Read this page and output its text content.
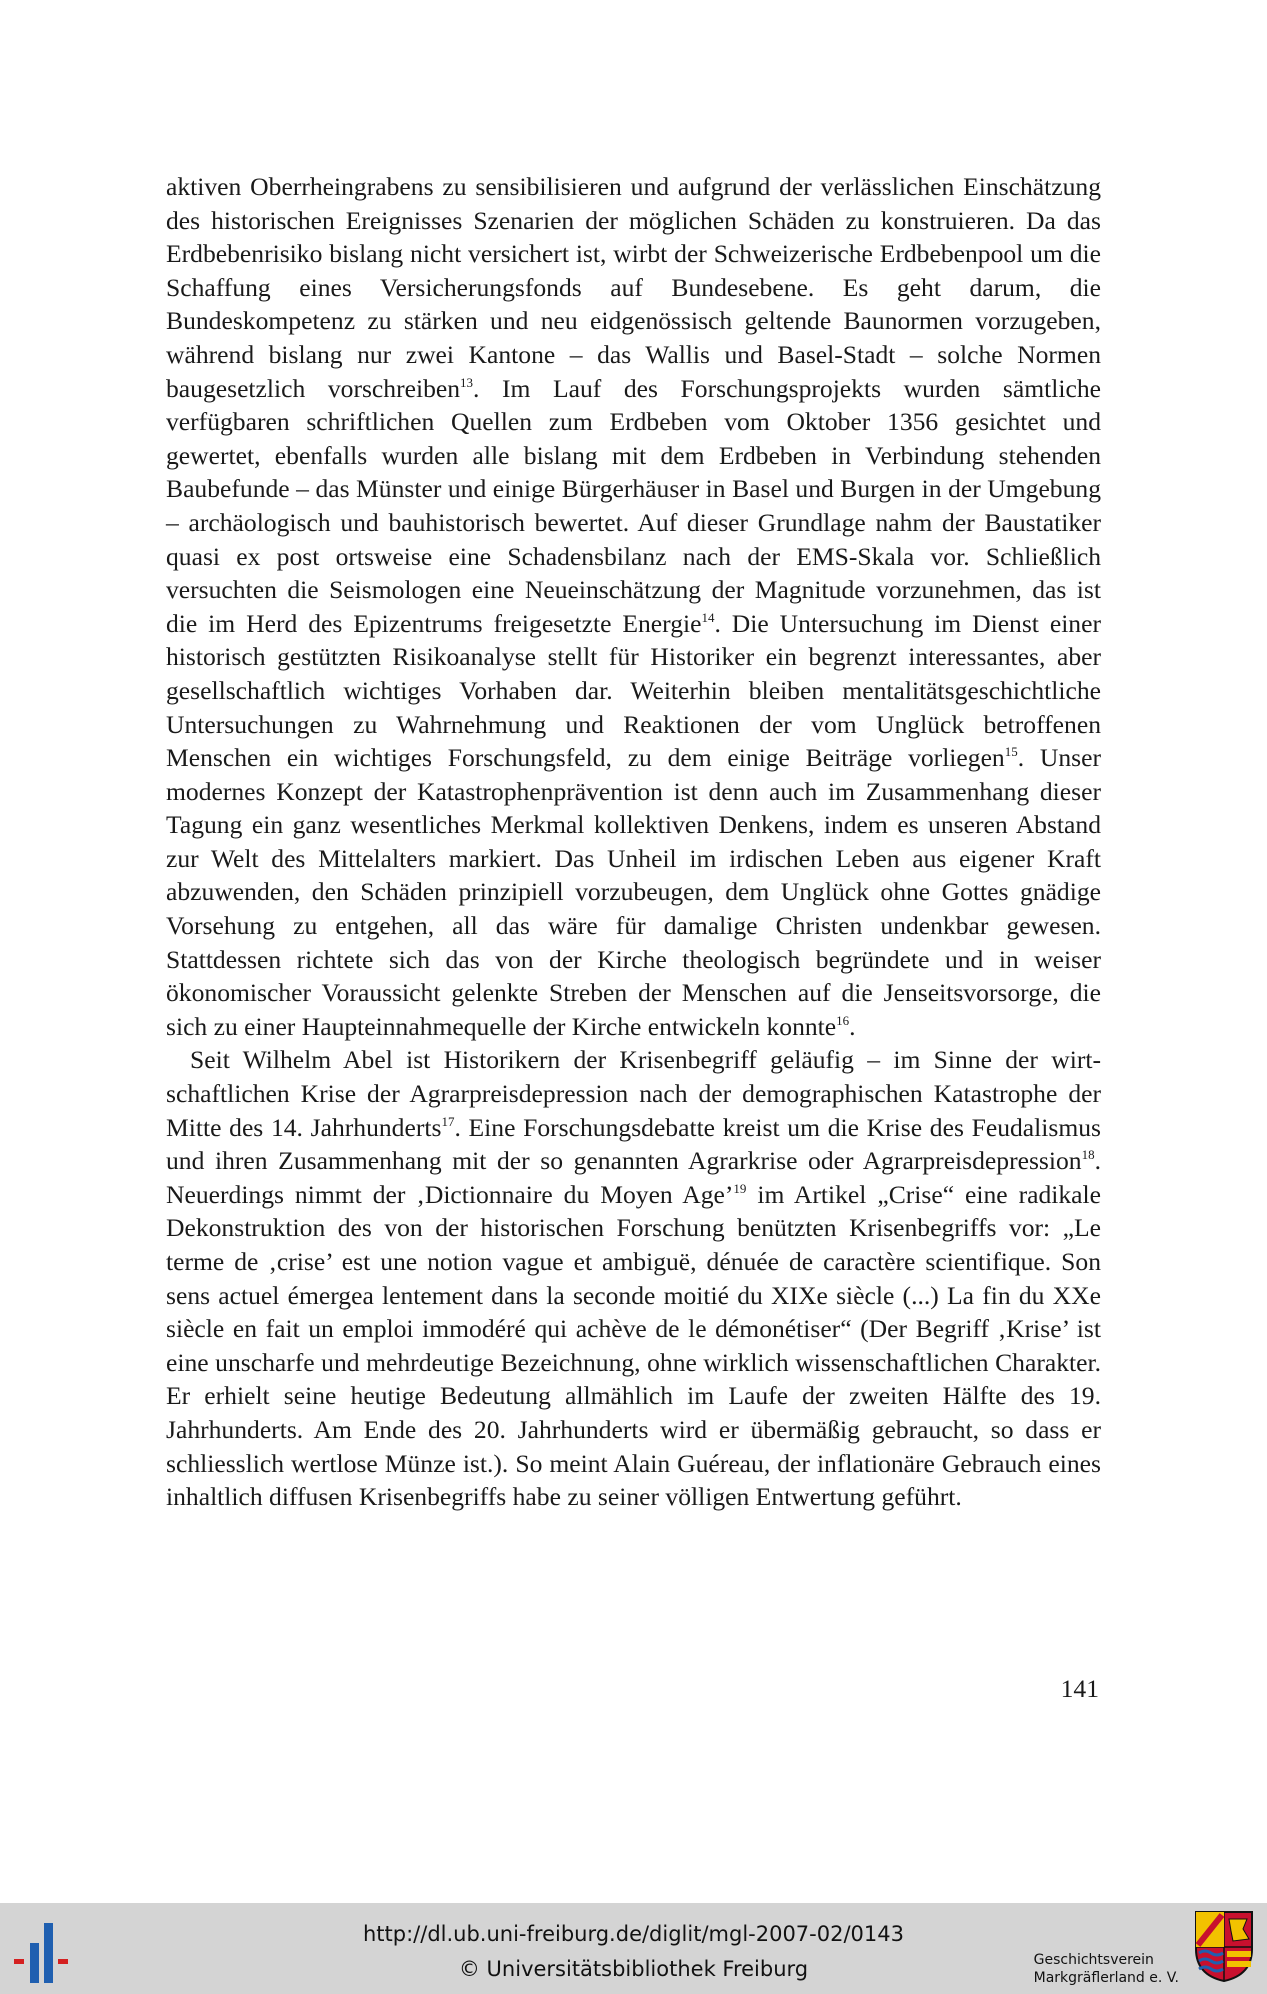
aktiven Oberrheingrabens zu sensibilisieren und aufgrund der verlässlichen Einschätzung des historischen Ereignisses Szenarien der möglichen Schäden zu konstruieren. Da das Erdbebenrisiko bislang nicht versichert ist, wirbt der Schweizerische Erdbebenpool um die Schaffung eines Versicherungsfonds auf Bundesebene. Es geht darum, die Bundeskompetenz zu stärken und neu eidgenössisch geltende Baunormen vorzugeben, während bislang nur zwei Kantone – das Wallis und Basel-Stadt – solche Normen baugesetzlich vorschreiben$^{13}$. Im Lauf des Forschungsprojekts wurden sämtliche verfügbaren schriftlichen Quellen zum Erdbeben vom Oktober 1356 gesichtet und gewertet, ebenfalls wurden alle bislang mit dem Erdbeben in Verbindung stehenden Baubefunde – das Münster und einige Bürgerhäuser in Basel und Burgen in der Umgebung – archäologisch und bauhistorisch bewertet. Auf dieser Grundlage nahm der Baustatiker quasi ex post ortsweise eine Schadensbilanz nach der EMS-Skala vor. Schließlich versuchten die Seismologen eine Neueinschätzung der Magnitude vorzunehmen, das ist die im Herd des Epizentrums freigesetzte Energie$^{14}$. Die Untersuchung im Dienst einer historisch gestützten Risikoanalyse stellt für Historiker ein begrenzt interessantes, aber gesellschaftlich wichtiges Vorhaben dar. Weiterhin bleiben mentalitätsgeschichtliche Untersuchungen zu Wahrnehmung und Reaktionen der vom Unglück betroffenen Menschen ein wichtiges Forschungsfeld, zu dem einige Beiträge vorliegen$^{15}$. Unser modernes Konzept der Katastrophenprävention ist denn auch im Zusammenhang dieser Tagung ein ganz wesentliches Merkmal kollektiven Denkens, indem es unseren Abstand zur Welt des Mittelalters markiert. Das Unheil im irdischen Leben aus eigener Kraft abzuwenden, den Schäden prinzipiell vorzubeugen, dem Unglück ohne Gottes gnädige Vorsehung zu entgehen, all das wäre für damalige Christen undenkbar gewesen. Stattdessen richtete sich das von der Kirche theologisch begründete und in weiser ökonomischer Voraussicht gelenkte Streben der Menschen auf die Jenseitsvorsorge, die sich zu einer Haupteinnahmequelle der Kirche entwickeln konnte$^{16}$.

Seit Wilhelm Abel ist Historikern der Krisenbegriff geläufig – im Sinne der wirtschaftlichen Krise der Agrarpreisdepression nach der demographischen Katastrophe der Mitte des 14. Jahrhunderts$^{17}$. Eine Forschungsdebatte kreist um die Krise des Feudalismus und ihren Zusammenhang mit der so genannten Agrarkrise oder Agrarpreisdepression$^{18}$. Neuerdings nimmt der ‚Dictionnaire du Moyen Age’$^{19}$ im Artikel „Crise“ eine radikale Dekonstruktion des von der historischen Forschung benützten Krisenbegriffs vor: „Le terme de ‚crise’ est une notion vague et ambiguë, dénuée de caractère scientifique. Son sens actuel émergea lentement dans la seconde moitié du XIXe siècle (...) La fin du XXe siècle en fait un emploi immodéré qui achève de le démonétiser“ (Der Begriff ‚Krise’ ist eine unscharfe und mehrdeutige Bezeichnung, ohne wirklich wissenschaftlichen Charakter. Er erhielt seine heutige Bedeutung allmählich im Laufe der zweiten Hälfte des 19. Jahrhunderts. Am Ende des 20. Jahrhunderts wird er übermäßig gebraucht, so dass er schliesslich wertlose Münze ist.). So meint Alain Guéreau, der inflationäre Gebrauch eines inhaltlich diffusen Krisenbegriffs habe zu seiner völligen Entwertung geführt.

141
http://dl.ub.uni-freiburg.de/diglit/mgl-2007-02/0143
© Universitätsbibliothek Freiburg	Geschichtsverein
Markgräflerland e. V.
